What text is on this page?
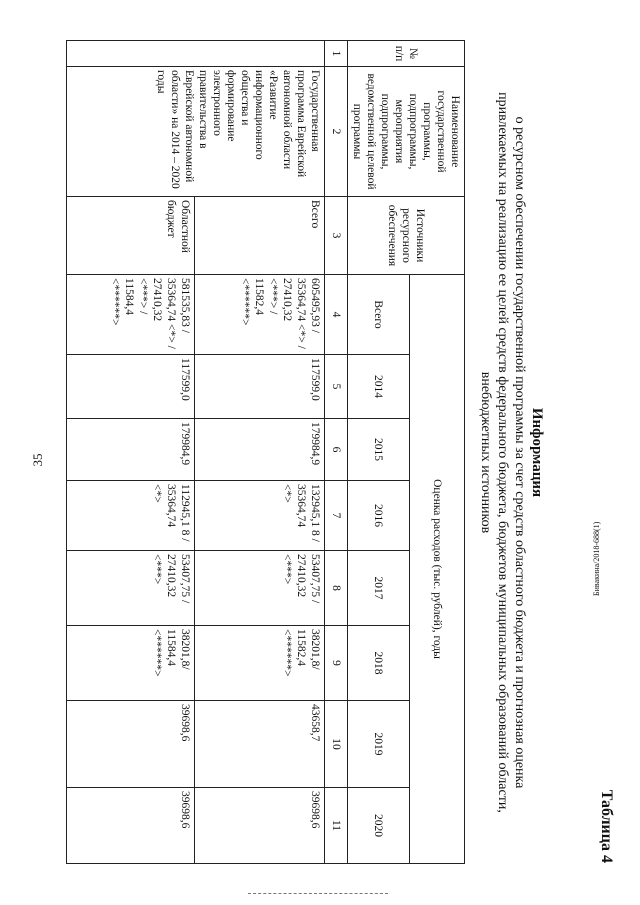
35
Бивакина/2018-688(1)
Таблица 4
Информация
о ресурсном обеспечении государственной программы за счет средств областного бюджета и прогнозная оценка
привлекаемых на реализацию ее целей средств федерального бюджета, бюджетов муниципальных образований области,
внебюджетных источников
№ п/п	Наименование государственной программы, подпрограммы, мероприятия подпрограммы, ведомственной целевой программы	Источники ресурсного обеспечения	Оценка расходов (тыс. рублей), годы							
			Всего	2014	2015	2016	2017	2018	2019	2020
1	2	3	4	5	6	7	8	9	10	11

	Государственная программа Еврейской автономной области «Развитие информационного общества и формирование электронного правительства в Еврейской автономной области» на 2014 – 2020 годы	Всего	605495,93 / 35364,74 <*> / 27410,32 <***> / 11582,4 <******>	117599,0	179984,9	132945,1 8 / 35364,74 <*>	53407,75 / 27410,32 <***>	38201,8/ 11582,4 <******>	43658,7	39698,6
		Областной бюджет	581535,83 / 35364,74 <*> / 27410,32 <***> / 11584,4 <******>	117599,0	179984,9	112945,1 8 / 35364,74 <*>	53407,75 / 27410,32 <***>	38201,8/ 11584,4 <******>	39698,6	39698,6
